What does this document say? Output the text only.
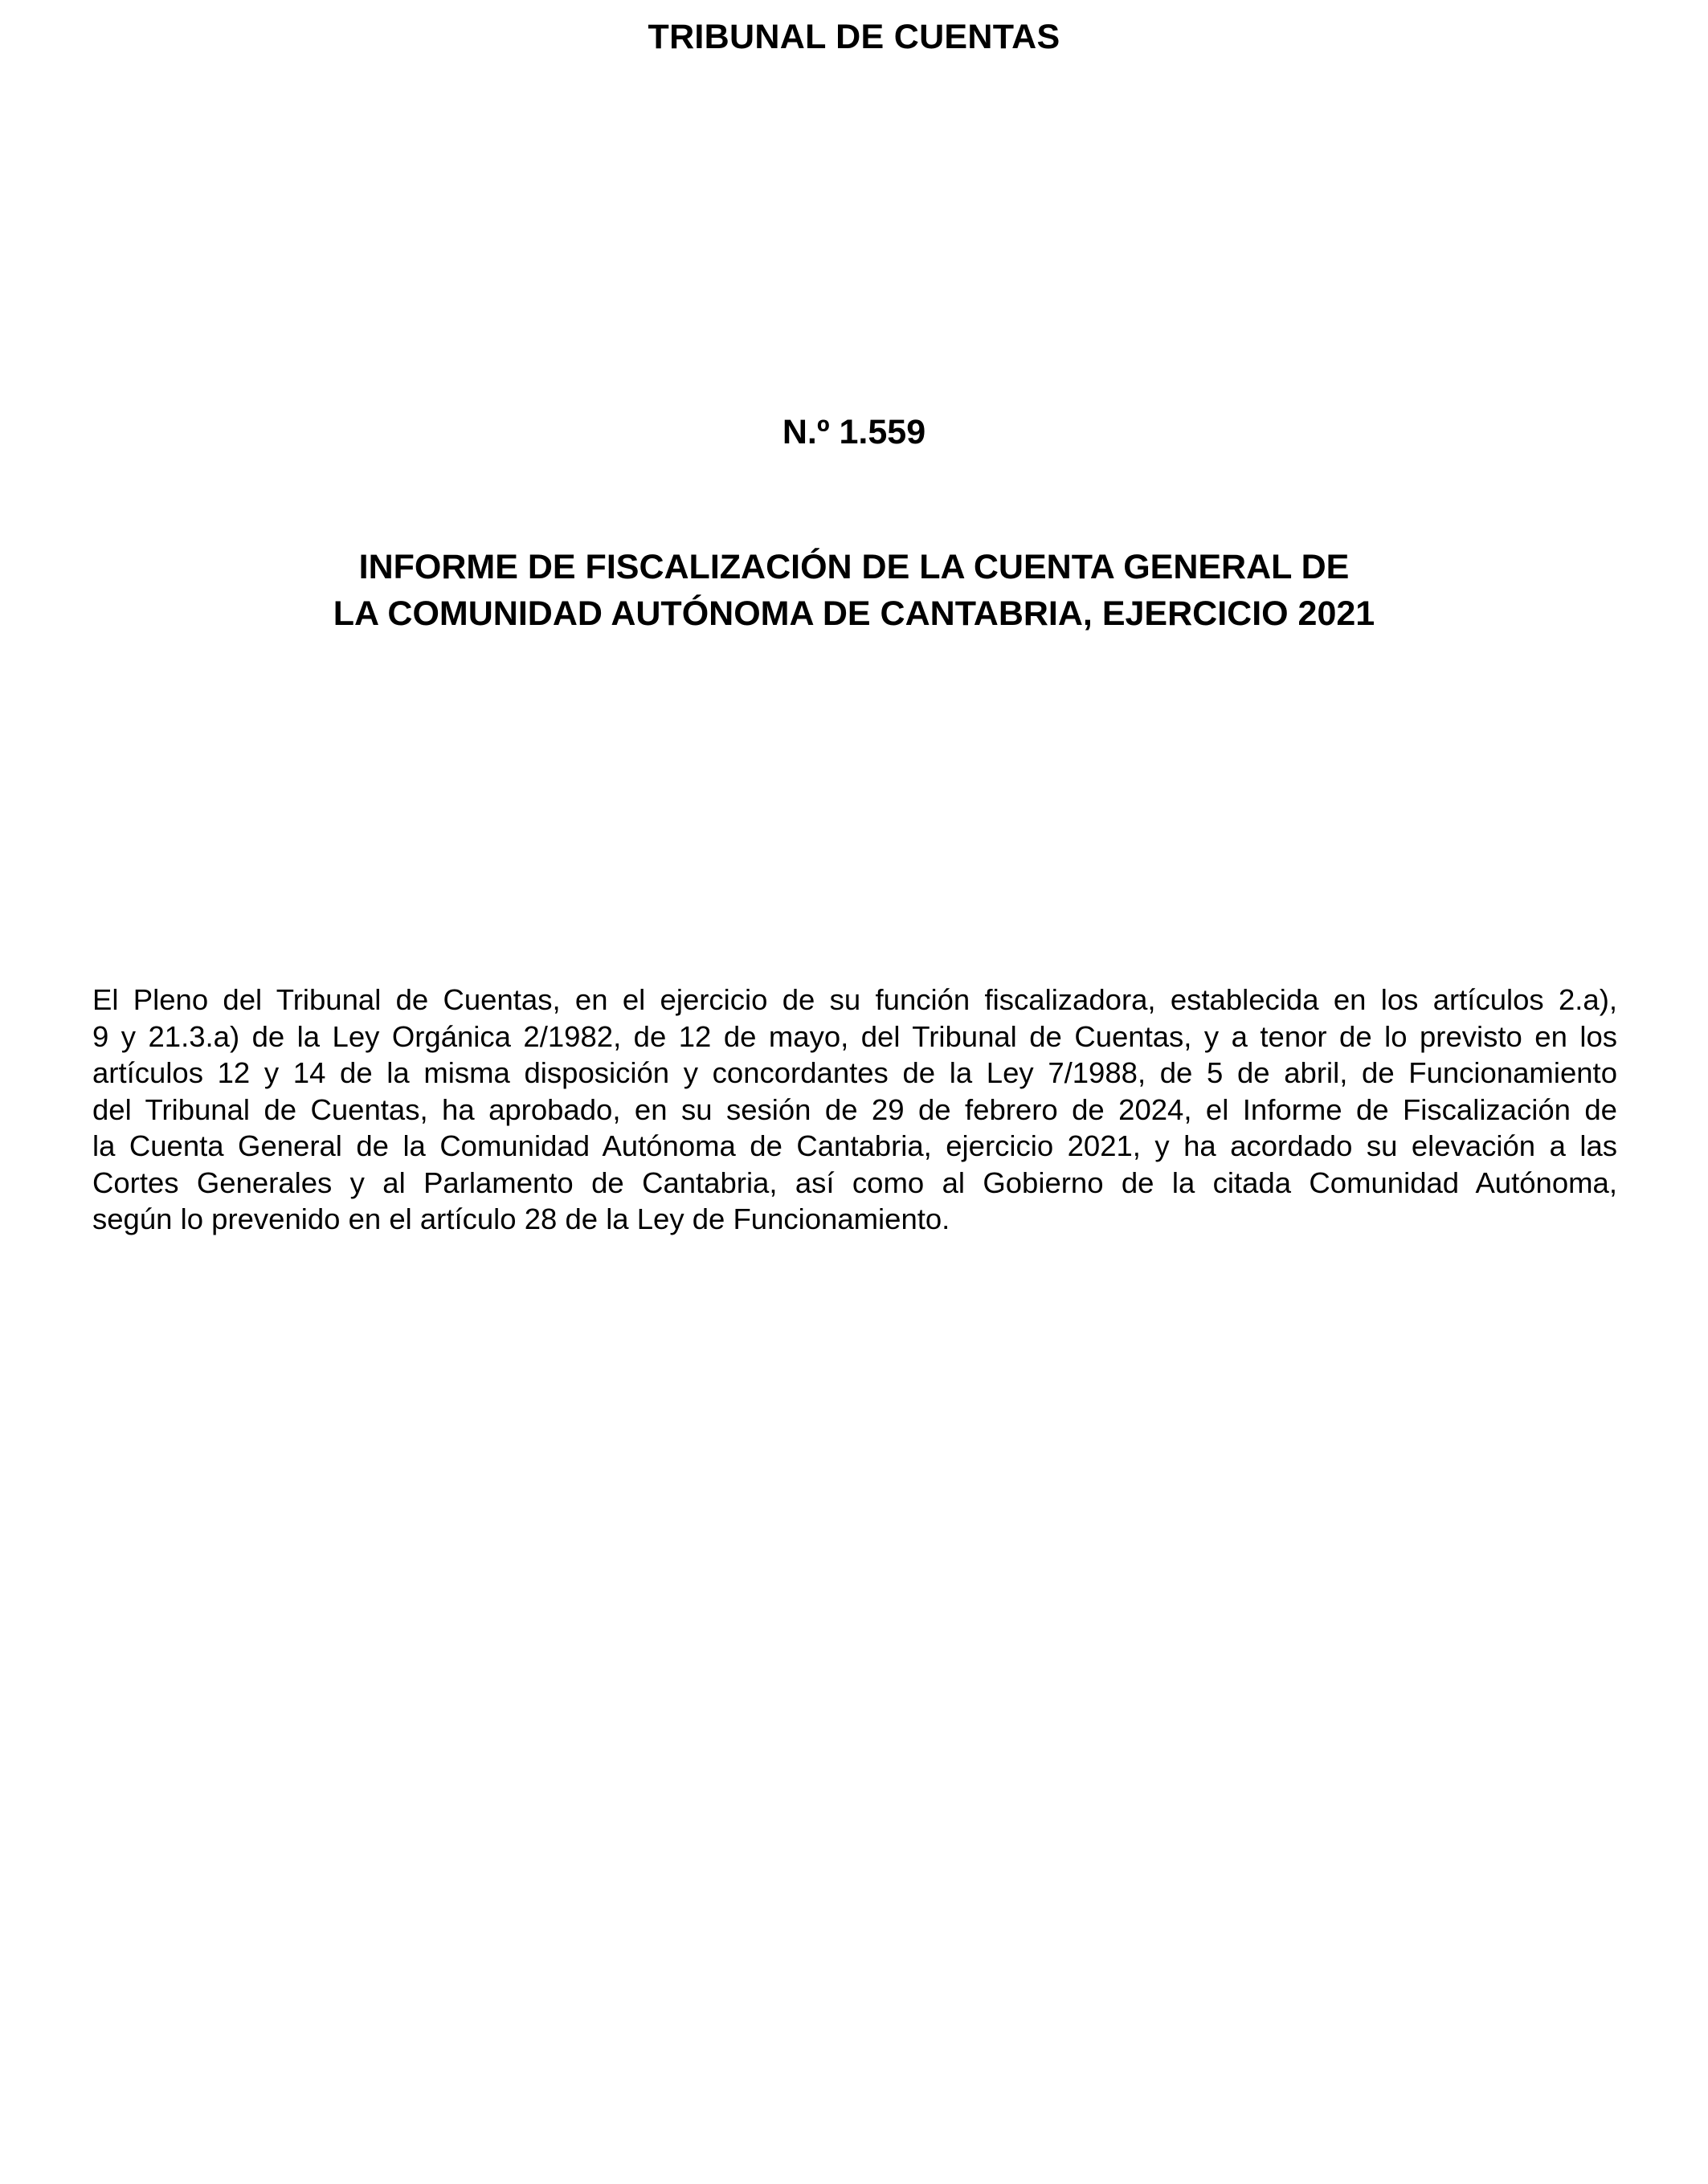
TRIBUNAL DE CUENTAS
N.º 1.559
INFORME DE FISCALIZACIÓN DE LA CUENTA GENERAL DE
LA COMUNIDAD AUTÓNOMA DE CANTABRIA, EJERCICIO 2021
El Pleno del Tribunal de Cuentas, en el ejercicio de su función fiscalizadora, establecida en los artículos 2.a),
9 y 21.3.a) de la Ley Orgánica 2/1982, de 12 de mayo, del Tribunal de Cuentas, y a tenor de lo previsto en los
artículos 12 y 14 de la misma disposición y concordantes de la Ley 7/1988, de 5 de abril, de Funcionamiento
del Tribunal de Cuentas, ha aprobado, en su sesión de 29 de febrero de 2024, el Informe de Fiscalización de
la Cuenta General de la Comunidad Autónoma de Cantabria, ejercicio 2021, y ha acordado su elevación a las
Cortes Generales y al Parlamento de Cantabria, así como al Gobierno de la citada Comunidad Autónoma,
según lo prevenido en el artículo 28 de la Ley de Funcionamiento.
